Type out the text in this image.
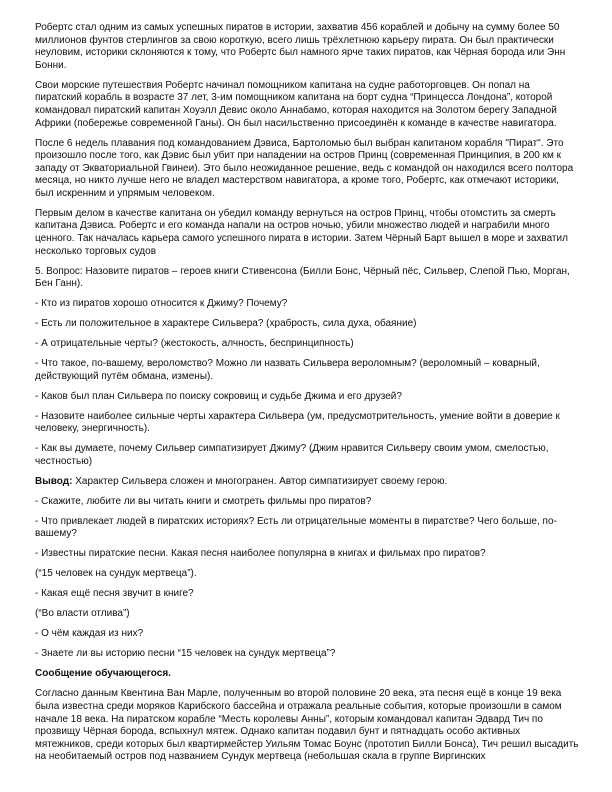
Робертс стал одним из самых успешных пиратов в истории, захватив 456 кораблей и добычу на сумму более 50 миллионов фунтов стерлингов за свою короткую, всего лишь трёхлетнюю карьеру пирата. Он был практически неуловим, историки склоняются к тому, что Робертс был намного ярче таких пиратов, как Чёрная борода или Энн Бонни.

Свои морские путешествия Робертс начинал помощником капитана на судне работорговцев. Он попал на пиратский корабль в возрасте 37 лет, 3-им помощником капитана на борт судна “Принцесса Лондона”, которой командовал пиратский капитан Хоуэлл Девис около Аннабамо, которая находится на Золотом берегу Западной Африки (побережье современной Ганы). Он был насильственно присоединён к команде в качестве навигатора.

После 6 недель плавания под командованием Дэвиса, Бартоломью был выбран капитаном корабля "Пират". Это произошло после того, как Дэвис был убит при нападении на остров Принц (современная Принципия, в 200 км к западу от Экваториальной Гвинеи). Это было неожиданное решение, ведь с командой он находился всего полтора месяца, но никто лучше него не владел мастерством навигатора, а кроме того, Робертс, как отмечают историки, был искренним и упрямым человеком.

Первым делом в качестве капитана он убедил команду вернуться на остров Принц, чтобы отомстить за смерть капитана Дэвиса. Робертс и его команда напали на остров ночью, убили множество людей и награбили много ценного. Так началась карьера самого успешного пирата в истории. Затем Чёрный Барт вышел в море и захватил несколько торговых судов

5. Вопрос: Назовите пиратов – героев книги Стивенсона (Билли Бонс, Чёрный пёс, Сильвер, Слепой Пью, Морган, Бен Ганн).

- Кто из пиратов хорошо относится к Джиму? Почему?

- Есть ли положительное в характере Сильвера? (храбрость, сила духа, обаяние)

- А отрицательные черты? (жестокость, алчность, беспринципность)

- Что такое, по-вашему, вероломство? Можно ли назвать Сильвера вероломным? (вероломный – коварный, действующий путём обмана, измены).

- Каков был план Сильвера по поиску сокровищ и судьбе Джима и его друзей?

- Назовите наиболее сильные черты характера Сильвера (ум, предусмотрительность, умение войти в доверие к человеку, энергичность).

- Как вы думаете, почему Сильвер симпатизирует Джиму? (Джим нравится Сильверу своим умом, смелостью, честностью)

Вывод: Характер Сильвера сложен и многогранен. Автор симпатизирует своему герою.

- Скажите, любите ли вы читать книги и смотреть фильмы про пиратов?

- Что привлекает людей в пиратских историях? Есть ли отрицательные моменты в пиратстве? Чего больше, по-вашему?

- Известны пиратские песни. Какая песня наиболее популярна в книгах и фильмах про пиратов?

(“15 человек на сундук мертвеца”).

- Какая ещё песня звучит в книге?

(“Во власти отлива”)

- О чём каждая из них?

- Знаете ли вы историю песни “15 человек на сундук мертвеца”?

Сообщение обучающегося.

Согласно данным Квентина Ван Марле, полученным во второй половине 20 века, эта песня ещё в конце 19 века была известна среди моряков Карибского бассейна и отражала реальные события, которые произошли в самом начале 18 века. На пиратском корабле “Месть королевы Анны”, которым командовал капитан Эдвард Тич по прозвищу Чёрная борода, вспыхнул мятеж. Однако капитан подавил бунт и пятнадцать особо активных мятежников, среди которых был квартирмейстер Уильям Томас Боунс (прототип Билли Бонса), Тич решил высадить на необитаемый остров под названием Сундук мертвеца (небольшая скала в группе Виргинских
